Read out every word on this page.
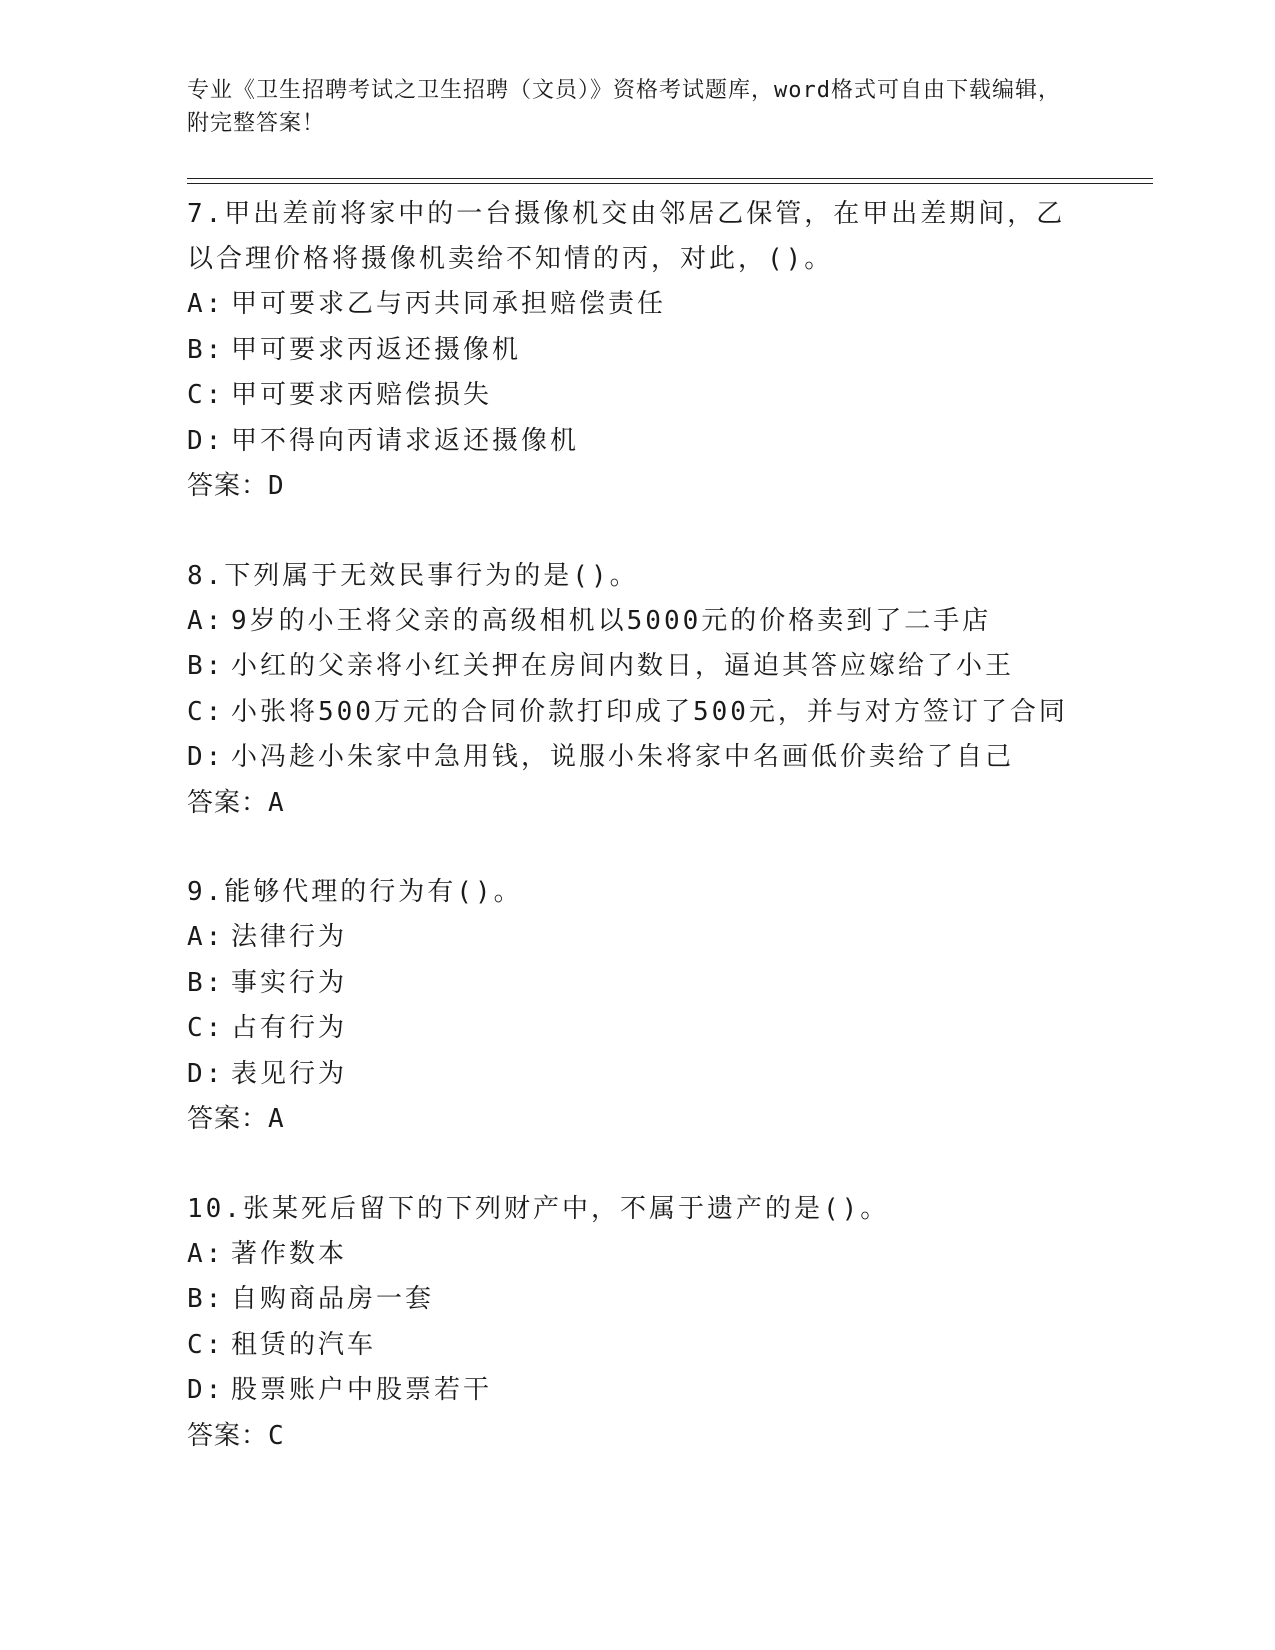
专业《卫生招聘考试之卫生招聘（文员）》资格考试题库，word格式可自由下载编辑，附完整答案！

7.甲出差前将家中的一台摄像机交由邻居乙保管，在甲出差期间，乙以合理价格将摄像机卖给不知情的丙，对此，()。

A: 甲可要求乙与丙共同承担赔偿责任

B: 甲可要求丙返还摄像机

C: 甲可要求丙赔偿损失

D: 甲不得向丙请求返还摄像机

答案：D

8.下列属于无效民事行为的是()。

A: 9岁的小王将父亲的高级相机以5000元的价格卖到了二手店

B: 小红的父亲将小红关押在房间内数日，逼迫其答应嫁给了小王

C: 小张将500万元的合同价款打印成了500元，并与对方签订了合同

D: 小冯趁小朱家中急用钱，说服小朱将家中名画低价卖给了自己

答案：A

9.能够代理的行为有()。

A: 法律行为

B: 事实行为

C: 占有行为

D: 表见行为

答案：A

10.张某死后留下的下列财产中，不属于遗产的是()。

A: 著作数本

B: 自购商品房一套

C: 租赁的汽车

D: 股票账户中股票若干

答案：C
